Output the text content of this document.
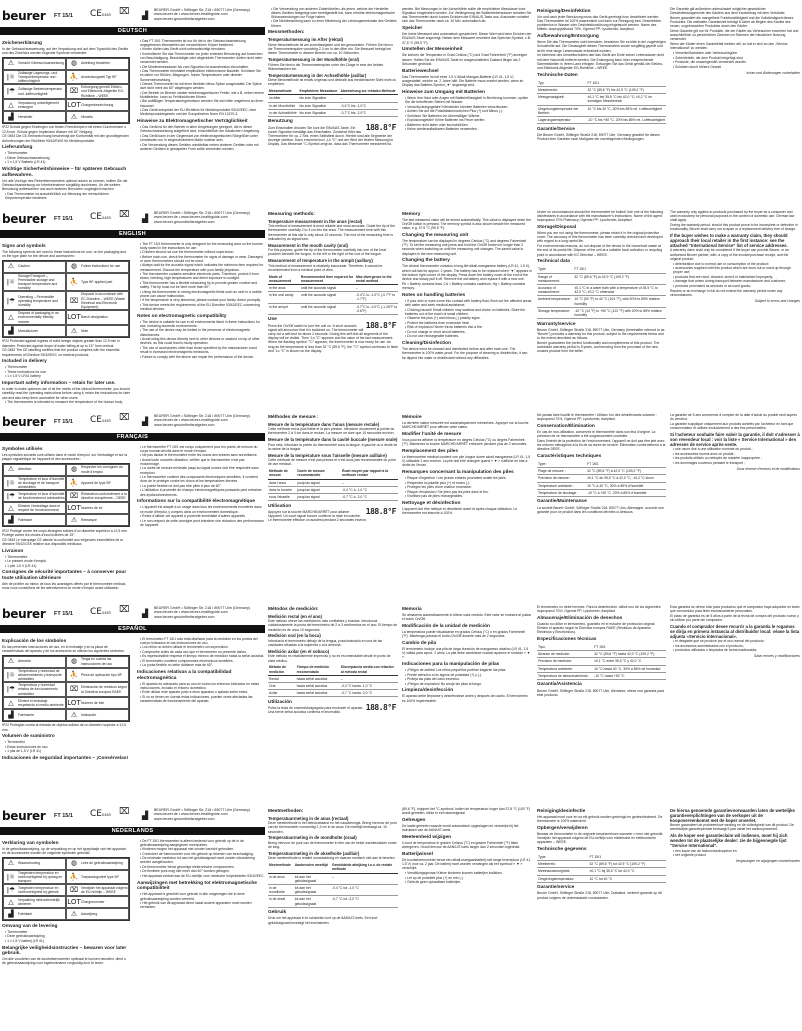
beurer FT 15/1 CE0483 ⌧ ▟
BEURER GmbH • Söflinger Str. 218 • 89077 Ulm (Germany)
www.beurer.de • www.beurer-healthguide.com
www.beurer-gesundheitsratgeber.com
DEUTSCH
Zeichenerklärung
In der Gebrauchsanweisung, auf der Verpackung und auf dem Typschild des Geräts und des Zubehörs werden folgende Symbole verwendet:
⚠	Vorsicht Gebrauchsanweisung	◍	Anleitung beachten
ǀ☼
Zulässige Lagerungs- und Transporttemperatur und -luftfeuchtigkeit
⛹ Anwendungsteil Typ BF
ǀ☂ Zulässige Betriebstemperatur und -luftfeuchtigkeit	⌧
Entsorgung gemäß Elektro- und Elektronik-Altgeräte EG-Richtlinie – WEEE
△	Verpackung umweltgerecht entsorgen	LOT Chargenbezeichnung
▟	Hersteller	⚠	Hinweis
IP22 Schutz gegen Eindringen von festen Fremdkörpern mit einem Durchmesser ≥ 12,5 mm. Schutz gegen tropfendes Wasser mit 15° Neigung.
CE 0483 Die CE-Kennzeichnung bescheinigt die Konformität mit den grundlegenden Anforderungen der Richtlinie 93/42/EWG für Medizinprodukte.
Lieferumfang
• Thermometer
• Diese Gebrauchsanweisung
• 1 x 1,5 V Batterie (LR 41)
Wichtige Sicherheitshinweise – für späteren Gebrauch aufbewahren.
Um alle Vorzüge des Fieberthermometers optimal nutzen zu können, sollten Sie die Gebrauchsanweisung vor Inbetriebnahme sorgfältig durchlesen, für die weitere Benutzung aufbewahren und auch anderen Benutzern zugänglich machen.
• Das Thermometer ist ausschließlich zur Messung der menschlichen Körpertemperatur bestimmt.
• Das FT 15/1 Thermometer ist nur für die in der Gebrauchsanweisung angegebenen Messstellen am menschlichen Körper bestimmt.
• Kinder dürfen das Gerät nicht unbeaufsichtigt benutzen.
• Kontrollieren Sie das Thermometer vor jeder erneuten Benutzung auf Anzeichen von Beschädigung. Beschädigte oder abgenutzte Thermometer dürfen nicht mehr verwendet werden.
• Die Mindestmessdauer bis zum Signalton ist ausnahmslos einzuhalten.
• Das Thermometer beinhaltet empfindliche elektronische Bauteile. Schützen Sie es daher vor Stößen, Biegungen, hohen Temperaturen oder direkter Sonneneinstrahlung.
• Dieses Thermometer ist mit einer flexiblen Mess-Spitze ausgestattet. Die Spitze darf nicht mehr als 60° abgebogen werden.
• Der Betrieb im Bereich starker elektromagnetischer Felder, wie z.B. neben einem Mobiltelefon, kann zu Fehlfunktionen führen.
• Bei auffälligen Temperaturergebnissen wenden Sie sich bitte umgehend an Ihren Hausarzt.
• Das Gerät entspricht der EU-Richtlinie für Medizinprodukte 93/42/EEC, dem Medizinproduktegesetz und der Europäischen Norm EN 12470-3.
Hinweise zu Elektromagnetischer Verträglichkeit
• Das Gerät ist für den Betrieb in allen Umgebungen geeignet, die in dieser Gebrauchsanweisung aufgeführt sind, einschließlich der häuslichen Umgebung.
• Das Gerät kann in der Gegenwart von elektromagnetischen Störgrößen unter Umständen nur in eingeschränktem Maße nutzbar sein.
• Die Verwendung dieses Gerätes unmittelbar neben anderen Geräten oder mit anderen Geräten in gestapelter Form sollte vermieden werden.
• Die Verwendung von anderen Zubehörteilen, als jenen, welche der Hersteller dieses Gerätes festgelegt oder bereitgestellt hat, kann erhöhte elektromagnetische Störaussendungen zur Folge haben.
• Die Nichtbeachtung kann zu einer Minderung der Leistungsmerkmale des Gerätes führen.
Messmethoden:
Temperaturmessung im After (rektal)
Diese Messmethode ist am zuverlässigsten und am genauesten. Führen Sie hierzu die Thermometerspitze vorsichtig 2-3 cm in den After ein. Die Messzeit beträgt bei dieser Thermometer in diesem Bereich nur ca. 10 Sekunden.
Temperaturmessung in der Mundhöhle (oral)
Führen Sie hierzu die Thermometerspitze unter der Zunge in eine der beiden Wärmetaschen ein.
Temperaturmessung in der Achselhöhle (axillar)
Diese Messmethode ist relativ ungenau und deshalb aus medizinischer Sicht nicht zu empfehlen.
Messmethode	Empfohlene Messdauer	Abweichung zur rektalen Methode
im After	bis zum Signalton	–
in der Mundhöhle	bis zum Signalton	-0,4°C bis -1,0°C
in der Achselhöhle	bis zum Signalton	-0,7°C bis -2,0°C
Benutzung
188.8°F
Zum Einschalten drücken Sie kurz die EIN/AUS-Taste. Ein kurzer Signalton bestätigt das Einschalten. Zunächst führt das Thermometer für ca. 2 Sek. einen Selbsttest durch. Hierbei sind alle Segmente der Anzeige sichtbar. Dann erscheint kurz „Lo °C“ und der Wert der letzten Messung im Display. Das blinkende °C-Symbol zeigt an, dass das Thermometer messbereit ist.
werden. Bei Messungen in der Achselhöhle sollte die empfohlene Messdauer trotz Signalton eingehalten werden. Zur Verlängerung der Batterielebensdauer schalten Sie das Thermometer durch kurzes Drücken der EIN/AUS-Taste aus. Ansonsten schaltet sich das Thermometer nach ca. 10 Min. automatisch ab.
Speicher
Der letzte Messwert wird automatisch gespeichert. Dieser Wert wird beim Drücken der EIN/AUS-Taste angezeigt. Neben dem Messwert erscheint das Speicher-Symbol, z.B. 37,5 °C (99,5 °F).
Umstellen der Messeinheit
Sie können die Temperatur in Grad Celsius (°C) und Grad Fahrenheit (°F) anzeigen lassen. Halten Sie die EIN/AUS-Taste im ausgeschalteten Zustand länger als 2 Sekunden gedrückt.
Batteriewechsel
Das Thermometer ist mit einer 1,5 V Alkali-Mangan-Batterie (LR 41, 1,5 V) ausgestattet, welche ca. 2 Jahre hält. Die Batterie muss ersetzt werden, wenn im Display das Batterie-Symbol „▼“ angezeigt wird.
Hinweise zum Umgang mit Batterien
• Wenn Ihre Haut oder Augen mit Batterieflüssigkeit in Berührung kommen, spülen Sie die betroffenen Stellen mit Wasser.
• Verschluckungsgefahr! Kleinkinder könnten Batterien verschlucken.
• Achten Sie auf die Polaritätskennzeichen Plus (+) und Minus (-).
• Schützen Sie Batterien vor übermäßiger Wärme.
• Explosionsgefahr! Keine Batterien ins Feuer werfen.
• Batterien nicht laden oder kurzschließen.
• Keine wiederaufladbaren Batterien verwenden.
Reinigung/Desinfektion
Vor und nach jeder Benutzung muss das Gerät gereinigt bzw. desinfiziert werden. Das Thermometer ist 100% wasserdicht und kann zur Reinigung bzw. Desinfektion problemlos in Wasser oder Desinfektionslösung eingetaucht werden. Name des Mittels: Isopropylalkohol 70%, Ogemst PP, Lysoformin, Aseptisol.
Aufbewahrung/Entsorgung
Wenn Sie das Thermometer nicht benutzen, bewahren Sie es bitte in der zugehörigen Schutzhülle auf. Die Genauigkeit dieses Thermometers wurde sorgfältig geprüft und ist für eine lange Lebensdauer entwickelt worden.
Im Interesse des Umweltschutzes darf das Gerät am Ende seiner Lebensdauer nicht mit dem Hausmüll entfernt werden. Die Entsorgung kann über entsprechende Sammelstellen in Ihrem Land erfolgen. Entsorgen Sie das Gerät gemäß der Elektro- und Elektronik Altgeräte EG-Richtlinie – WEEE.
Technische Daten
Typ:	FT 15/1
Messbereich:	32 °C (89,6 °F) bis 42,9 °C (109,2 °F)
Messgenauigkeit:	±0,1 °C bei 35,5 °C bis 42,0 °C; ±0,2 °C im sonstigen Messbereich
Umgebungstemperatur bei Betrieb:	10 °C bis 40 °C, 30% bis 85% rel. Luftfeuchtigkeit
Lagerungstemperatur:	-10 °C bis +50 °C, 20% bis 85% rel. Luftfeuchtigkeit
Garantie/Service
Die Beurer GmbH, Söflinger Straße 218, 89077 Ulm, Germany gewährt für dieses Produkt eine Garantie nach Maßgabe der nachfolgenden Bedingungen.
Die Garantie gilt außerdem unbeschadet möglicher gesetzlicher Gewährleistungsrechte des Käufers aus dem Kaufvertrag mit dem Verkäufer.
Beurer garantiert die mangelfreie Funktionsfähigkeit und die Vollständigkeit dieses Produktes. Die weltweite Garantiezeit beträgt 5 Jahre ab Beginn des Kaufes des neuen, ungebrauchten Produktes durch den Käufer.
Diese Garantie gilt nur für Produkte, die der Käufer als Verbraucher erworben hat und ausschließlich zu persönlichen Zwecken im Rahmen der häuslichen Nutzung verwendet.
Wenn der Käufer einen Garantiefall melden will, so hat er sich an den „Service International“ zu wenden.
• Verschleißschäden oder Verbrauchsgüter
• Zubehörteile, die dem Produkt beigefügt sind
• Produkte, die unsachgemäß verwendet wurden
• Schäden durch höhere Gewalt
Irrtum und Änderungen vorbehalten
beurer FT 15/1 CE0483 ⌧ ▟
BEURER GmbH • Söflinger Str. 218 • 89077 Ulm (Germany)
www.beurer.de • www.beurer-healthguide.com
www.beurer-gesundheitsratgeber.com
ENGLISH
Signs and symbols
The following symbols are used in these instructions for use, on the packaging and on the type plate for the device and accessories:
⚠	Caution	◍	Follow instructions for use
ǀ☼
Storage/Transport – Permissible storage and transport temperature and humidity
⛹ Type BF applied part
ǀ☂
Operating – Permissible operating temperature and humidity
⌧
Disposal in accordance with EC Directive – WEEE (Waste Electrical and Electronic Equipment)
△
Dispose of packaging in an environmentally friendly manner
LOT Batch designation
▟	Manufacturer	⚠	Note
IP22 Protected against ingress of solid foreign objects greater than 12.5 mm in diameter. Protected against drops of water falling at up to 15° from vertical.
CE 0483 The CE labelling certifies that the product complies with the essential requirements of Directive 93/42/EEC on medical products.
Included in delivery
• Thermometer
• These instructions for use
• 1 x 1.5 V LR41 battery
Important safety information – retain for later use.
In order to make optimum use of all the merits of the clinical thermometer, you should carefully read the operating instructions before using it, retain the instructions for later use and also keep them accessible for other users.
• The thermometer is intended to measure the temperature of the human body.
• The FT 15/1 thermometer is only designed for the measuring area on the human body stated in the instructions for use.
• Children should not use the thermometer without supervision.
• Before each use, check the thermometer for signs of damage or wear. Damaged or worn thermometers should not be used.
• Always wait for the acoustic signal which indicates the minimum time required for measurement. Discuss the temperature with your family physician.
• The thermometer contains sensitive electronic parts. Therefore, protect it from blows, bending, high temperatures and direct exposure to sunlight.
• This thermometer has a flexible measuring tip to provide greater comfort and safety. The tip must not be bent more than 60°.
• Using the thermometer in strong electromagnetic fields such as next to a mobile phone can cause malfunction.
• If the temperature is very abnormal, please contact your family doctor promptly.
• This device meets the requirements of the EU Directive 93/42/EEC concerning medical devices.
Notes on electromagnetic compatibility
• The device is suitable for use in all environments listed in these instructions for use, including domestic environments.
• The use of the device may be limited in the presence of electromagnetic disturbances.
• Avoid using this device directly next to other devices or stacked on top of other devices, as this could lead to faulty operation.
• The use of accessories other than those specified by the manufacturer could result in increased electromagnetic emissions.
• Failure to comply with the above can impair the performance of the device.
Measuring methods:
Temperature measurement in the anus (rectal)
This method of measurement is most reliable and most accurate. Guide the tip of the thermometer carefully 2 to 3 cm into the anus. The measurement time with this thermometer at this site is only about 10 seconds. The end of the measuring time is indicated by an signal tone.
Measurement in the mouth cavity (oral)
For this purpose, guide the tip of the thermometer carefully into one of the heat pouches beneath the tongue, to the left or the right of the root of the tongue.
Measurement of temperature in the armpit (axillary)
This method of measurement is relatively inaccurate. Therefore, it cannot be recommended from a medical point of view.
Mode of measurement	Recommended time required for measurement	Max divergence to the rectal method
in the anus	until the acoustic signal	–
in the oral cavity	until the acoustic signal	-0.4°C to -1.0°C (-0.7°F to -1.7°F)
in the armpit	until the acoustic signal	-0.7°C to -2.0°C (-1.26°F to -3.6°F)
Use
188.8°F
Press the On/Off switch to turn the unit on. A short acoustic signal will announce that it is switched on. The thermometer will carry out a self-test for about 2 seconds. During this self-test all segments of the display will be visible. Then “Lo °C” appears and the value of the last measurement. When the flashing symbol “°C” appears, the thermometer is now ready for use. As long as the temperature is less than 32 °C (89.6 °F), the “°C” symbol continues to flash and “Lo °C” is shown on the display.
Memory
The last measured value will be stored automatically. This value is displayed when the On/Off button is pressed. The memory symbol is also shown beside the measured value, e.g. 37.5 °C (99.5 °F).
Changing the measuring unit
The temperature can be displayed in degrees Celsius (°C) and degrees Fahrenheit (°F). To set the measuring unit press and hold the On/Off button for longer than 2 seconds when switching on until the measuring unit changes. The saved value is displayed in the new measuring unit.
Changing the battery
The clinical thermometer contains a long-life alkali-manganese battery (LR 41, 1.5 V), which will last for approx. 2 years. The battery has to be replaced when “▼” appears in the bottom right corner of the display. Press down the battery cover at the end of the device and slowly pull it off. Remove the old battery and replace it with a new one.
Pb = Battery contains lead, Cd = Battery contains cadmium, Hg = Battery contains mercury.
Notes on handling batteries
• If your skin or eyes come into contact with battery fluid, flush out the affected areas with water and seek medical assistance.
• Choking hazard! Small children may swallow and choke on batteries. Store the batteries out of the reach of small children.
• Observe the plus (+) and minus (-) polarity signs.
• Protect the batteries from excessive heat.
• Risk of explosion! Never throw batteries into a fire.
• Do not charge or short circuit batteries.
• Do not use rechargeable batteries.
Cleaning/Disinfection
The device must be cleaned and disinfected before and after each use. The thermometer is 100% water-proof. For the purpose of cleaning or disinfection, it can be dipped into water or disinfectant without any difficulties.
Under no circumstances should the thermometer be boiled! Use one of the following disinfectants in accordance with the manufacturer's instructions. Name of the agent: Isopropanol 70% Pharmacy; Ogemst PP; Lysoformin; Aseptisol.
Storage/Disposal
When you are not using the thermometer, please retain it in the original protective cover. The accuracy of this thermometer has been carefully checked and developed with regard to a long useful life.
For environmental reasons, do not dispose of the device in the household waste at the end of its useful life. Dispose of the unit at a suitable local collection or recycling point in accordance with EC Directive – WEEE.
Technical data
Type:	FT 15/1
Range of measurement:	32 °C (89.6 °F) to 42.9 °C (109.2 °F)
Accuracy of measurement:	±0.1 °C in a water bath with a temperature of 35.5 °C to 42.0 °C; ±0.2 °C otherwise
Ambient temperature:	10 °C (50 °F) to 40 °C (104 °F), with 30% to 85% relative humidity
Storage temperature:	-10 °C (14 °F) to +50 °C (122 °F) with 20% to 85% relative humidity
Warranty/service
Beurer GmbH, Söflinger Straße 218, 89077 Ulm, Germany (hereinafter referred to as “Beurer”) provides a warranty for this product, subject to the requirements below and to the extent described as follows.
Beurer guarantees the perfect functionality and completeness of this product. The worldwide warranty period is 5 years, commencing from the purchase of the new, unused product from the seller.
The warranty only applies to products purchased by the buyer as a consumer and used exclusively for personal purposes in the context of domestic use. German law shall apply.
During the warranty period, should this product prove to be incomplete or defective in functionality, Beurer shall carry out a repair or a replacement delivery free of charge.
If the buyer wishes to make a warranty claim, they should approach their local retailer in the first instance: see the attached “International Service” list of service addresses.
A warranty claim shall only be considered if the buyer can provide Beurer, or an authorised Beurer partner, with: a copy of the invoice/purchase receipt, and the original product.
• deterioration due to normal use or consumption of the product;
• accessories supplied with this product which are worn out or used up through proper use;
• products that are used, cleaned, stored or maintained improperly;
• damage that arises during transport between manufacturer and customer;
• products purchased as seconds or as used goods;
Repairs or an exchange in full do not extend the warranty period under any circumstances.
Subject to errors and changes
beurer FT 15/1 CE0483 ⌧ ▟
BEURER GmbH • Söflinger Str. 218 • 89077 Ulm (Germany)
www.beurer.de • www.beurer-healthguide.com
www.beurer-gesundheitsratgeber.com
FRANÇAIS
Symboles utilisés
Les symboles suivants sont utilisés dans le mode d'emploi, sur l'emballage et sur la plaque signalétique de l'appareil et des accessoires :
⚠	Attention	◍	Respecter les consignes du mode d'emploi
ǀ☼
Température et taux d'humidité de stockage et de transport admissibles
⛹ Appareil de type BF
ǀ☂ Température et taux d'humidité de fonctionnement admissibles ⌧ Élimination conformément à la directive européenne – DEEE
△	Éliminer l'emballage dans le respect de l'environnement	LOT Numéro de lot
▟	Fabricant	⚠	Remarque
IP22 Protégé contre les corps étrangers solides d'un diamètre supérieur à 12,5 mm. Protégé contre les chutes d'eau inclinées de 15°.
CE 0483 Le marquage CE atteste la conformité aux exigences essentielles de la directive 93/42/CEE relative aux dispositifs médicaux.
Livraison
• Thermomètre
• Le présent mode d'emploi
• 1 pile 1,5 V (LR 41)
Consignes de sécurité importantes – à conserver pour toute utilisation ultérieure
Afin de profiter au mieux de tous les avantages offerts par le thermomètre médical, nous vous conseillons de lire attentivement ce mode d'emploi avant utilisation.
• Le thermomètre FT 15/1 est conçu uniquement pour les points de mesure du corps humain décrits dans le mode d'emploi.
• Ne pas laisser le thermomètre entre les mains des enfants sans surveillance.
• Avant toute nouvelle utilisation, vérifier que le thermomètre n'est pas endommagé.
• La durée de mesure minimale jusqu'au signal sonore doit être respectée sans exception.
• Le thermomètre contient des composants électroniques sensibles. Il convient donc de le protéger contre les chocs et les températures élevées.
• La pointe flexible ne doit pas être pliée à plus de 60°.
• L'utilisation à proximité de champs électromagnétiques puissants peut entraîner des dysfonctionnements.
Informations sur la compatibilité électromagnétique
• L'appareil est adapté à un usage dans tous les environnements énumérés dans ce mode d'emploi, y compris dans un environnement domestique.
• Évitez d'utiliser cet appareil à proximité immédiate d'autres appareils.
• Le non-respect de cette consigne peut entraîner une réduction des performances de l'appareil.
Méthodes de mesure :
Mesure de la température dans l'anus (mesure rectale)
Cette méthode est la plus fiable et la plus précise. Introduire doucement la pointe du thermomètre 2 à 3 cm dans le rectum. La mesure ne dure que 10 secondes environ.
Mesure de la température dans la cavité buccale (mesure orale)
Pour cela, introduire la pointe du thermomètre sous la langue, à gauche ou à droite de la racine de la langue.
Mesure de la température sous l'aisselle (mesure axillaire)
Cette méthode de mesure n'est pas précise et n'est donc pas recommandée du point de vue médical.
Méthode de mesure	Durée de mesure recommandée	Écart moyen par rapport à la méthode rectale
dans l'anus	jusqu'au signal	–
dans la bouche	jusqu'au signal	-0,4 °C à -1,0 °C
sous l'aisselle	jusqu'au signal	-0,7 °C à -2,0 °C
Utilisation
188.8°F
Appuyez sur la touche MARCHE/ARRÊT pour allumer l'appareil. Un court signal sonore confirme la mise en marche. Le thermomètre effectue un autotest pendant 2 secondes environ.
Mémoire
La dernière valeur mesurée est automatiquement mémorisée. Appuyer sur la touche MARCHE/ARRÊT pour afficher cette valeur.
Modifier l'unité de mesure
Vous pouvez afficher la température en degrés Celsius (°C) ou degrés Fahrenheit (°F). Maintenez la touche MARCHE/ARRÊT enfoncée pendant plus de 2 secondes.
Remplacement des piles
Le thermomètre médical contient une pile longue durée alcali-manganèse (LR 41, 1,5 V) utilisable 2 ans environ. La pile doit être changée quand « ▼ » s'affiche en bas à droite de l'écran.
Remarques concernant la manipulation des piles
• Risque d'ingestion ! Les jeunes enfants pourraient avaler les piles.
• Respectez la polarité plus (+) et moins (-).
• Protégez les piles d'une chaleur excessive.
• Risque d'explosion ! Ne jetez pas les piles dans le feu.
• N'utilisez pas de piles rechargeables.
Nettoyage et désinfection
L'appareil doit être nettoyé et désinfecté avant et après chaque utilisation. Le thermomètre est étanche à 100%.
Ne jamais faire bouillir le thermomètre ! Utilisez l'un des désinfectants suivants : isopropanol 70%, Ogemst PP, Lysoformin, Aseptisol.
Conservation/Élimination
En cas de non-utilisation, conservez le thermomètre dans son étui d'origine. La précision de ce thermomètre a été soigneusement contrôlée.
Dans l'intérêt de la protection de l'environnement, l'appareil ne doit pas être jeté avec les ordures ménagères à la fin de sa durée de service. Élimination conformément à la directive DEEE.
Caractéristiques techniques
Type :	FT 15/1
Plage de mesure :	32 °C (89,6 °F) à 42,9 °C (109,2 °F)
Précision de mesure :	±0,1 °C de 35,5 °C à 42,0 °C ; ±0,2 °C sinon
Température ambiante :	10 °C à 40 °C, 30% à 85% d'humidité
Température de stockage :	-10 °C à +50 °C, 20% à 85% d'humidité
Garantie/Maintenance
La société Beurer GmbH, Söflinger Straße 218, 89077 Ulm, Allemagne, accorde une garantie pour ce produit dans les conditions décrites ci-dessous.
La garantie de 5 ans commence à compter de la date d'achat du produit neuf auprès du vendeur.
La garantie s'applique uniquement aux produits achetés par l'acheteur en tant que consommateur et utilisés exclusivement à des fins personnelles.
Si l'acheteur souhaite faire valoir la garantie, il doit s'adresser à son revendeur local : voir la liste « Service International » des adresses de service après-vente.
• une usure due à une utilisation normale du produit ;
• les accessoires fournis avec ce produit ;
• les produits utilisés ou nettoyés de manière inappropriée ;
• les dommages survenus pendant le transport ;
Sous réserve d'erreurs et de modifications
beurer FT 15/1 CE0483 ⌧ ▟
BEURER GmbH • Söflinger Str. 218 • 89077 Ulm (Germany)
www.beurer.de • www.beurer-healthguide.com
www.beurer-gesundheitsratgeber.com
ESPAÑOL
Explicación de los símbolos
En las presentes instrucciones de uso, en el embalaje y en la placa de características del aparato y de los accesorios se utilizan los siguientes símbolos:
⚠	Atención	◍	Tenga en cuenta las instrucciones de uso
ǀ☼
Temperatura y humedad de almacenamiento y transporte admisibles
⛹ Pieza de aplicación tipo BF
ǀ☂
Temperatura y humedad relativa de funcionamiento admisibles
⌧ Eliminación de residuos según la Directiva europea RAEE
△	Elimine el embalaje respetando el medio ambiente LOT Número de lote
▟	Fabricante	⚠	Indicación
IP22 Protegido contra la entrada de objetos sólidos de un diámetro superior a 12,5 mm.
Volumen de suministro
• Termómetro
• Estas instrucciones de uso
• 1 pila de 1,5 V (LR 41)
Indicaciones de seguridad importantes – ¡Consérvelas!
• El termómetro FT 15/1 solo está diseñado para la medición en los puntos del cuerpo indicados en las instrucciones de uso.
• Los niños no deben utilizar el termómetro sin supervisión.
• Compruebe antes de cada uso que el termómetro no presente daños.
• Es imprescindible respetar el tiempo mínimo de medición hasta la señal acústica.
• El termómetro contiene componentes electrónicos sensibles.
• La punta flexible no debe doblarse más de 60°.
Indicaciones relativas a la compatibilidad electromagnética
• El aparato es adecuado para su uso en todos los entornos indicados en estas instrucciones, incluido el entorno doméstico.
• Evite utilizar este aparato junto a otros aparatos o apilado sobre estos.
• Si no se tienen en cuenta estas indicaciones, pueden verse afectadas las características de funcionamiento del aparato.
Métodos de medición:
Medición rectal (en el ano)
Este método ofrece las mediciones más confiables y exactas. Introduzca cuidadosamente la punta del termómetro de 2 a 3 centímetros en el ano. El tiempo de medición es de unos 10 segundos.
Medición oral (en la boca)
Introduzca el termómetro debajo de la lengua, posicionándolo en una de las cavidades situadas a la izquierda o a la derecha.
Medición axilar (en el sobaco)
Este método es relativamente impreciso y no es recomendable desde el punto de vista médico.
Método de medición	Tiempo de medición recomendado	Discrepancia media con relación al método rectal
Rectal	hasta señal acústica	–
Oral	hasta señal acústica	-0,4 °C hasta -1,0 °C
Axilar	hasta señal acústica	-0,7 °C hasta -2,0 °C
Utilización
188.8°F
Pulse la tecla de encendido/apagado para encender el aparato. Una breve señal acústica confirma el encendido.
Memoria
Se almacena automáticamente el último valor medido. Este valor se muestra al pulsar el botón On/Off.
Modificación de la unidad de medición
La temperatura puede visualizarse en grados Celsius (°C) o en grados Fahrenheit (°F). Mantenga pulsado el botón On/Off durante más de 2 segundos.
Cambio de pila
El termómetro incluye una pila de larga duración de manganeso alcalino (LR 41, 1,5 V) válida para aprox. 2 años. La pila debe cambiarse cuando aparece el símbolo « ▼ ».
Indicaciones para la manipulación de pilas
• ¡Peligro de asfixia! Los niños pequeños podrían tragarse las pilas.
• Preste atención a los signos de polaridad (+) y (-).
• Proteja las pilas del calor excesivo.
• ¡Peligro de explosión! No arroje las pilas al fuego.
Limpieza/desinfección
El aparato debe limpiarse y desinfectarse antes y después de usarlo. El termómetro es 100% impermeable.
El termómetro no debe hervirse. Para la desinfección, utilice uno de los siguientes: Isopropanol 70%, Ogemst PP, Lysoformin, Aseptisol.
Almacenaje/Eliminación de desechos
Cuando no utilice el termómetro, guárdelo en el estuche de protección original. Elimine el aparato según la Directiva europea RAEE (Residuos de Aparatos Eléctricos y Electrónicos).
Especificaciones técnicas
Tipo:	FT 15/1
Alcance de medición:	32 °C (89,6 °F) hasta 42,9 °C (109,2 °F)
Precisión de medición:	±0,1 °C entre 35,5 °C y 42,0 °C
Temperatura ambiente:	10 °C hasta 40 °C, 30% a 85% de humedad
Temperatura de almacenamiento:	-10 °C hasta +50 °C
Garantía/Asistencia
Beurer GmbH, Söflinger Straße 218, 89077 Ulm, Alemania, ofrece una garantía para este producto.
Esta garantía se ofrece sólo para productos que el comprador haya adquirido en tanto que consumidor para fines exclusivamente personales.
El plazo de garantía es de 5 años a partir de la fecha de compra del producto nuevo y sin utilizar por parte del comprador.
Cuando el comprador desee recurrir a la garantía le rogamos se dirija en primera instancia al distribuidor local: véase la lista adjunta «Servicio internacional».
• el desgaste que se produce por el uso normal del producto;
• los accesorios suministrados con el producto;
• productos utilizados o limpiados de forma inadecuada;
Salvo errores y modificaciones
beurer FT 15/1 CE0483 ⌧ ▟
BEURER GmbH • Söflinger Str. 218 • 89077 Ulm (Germany)
www.beurer.de • www.beurer-healthguide.com
www.beurer-gesundheitsratgeber.com
NEDERLANDS
Verklaring van symbolen
In de gebruiksaanwijzing, op de verpakking en op het typeplaatje van het apparaat en de accessoires worden de volgende symbolen gebruikt:
⚠	Waarschuwing	◍	Lees de gebruiksaanwijzing
ǀ☼
Toegelaten temperatuur en luchtvochtigheid bij opslag en transport
⛹ Toepassingsdeel type BF
ǀ☂ Toegelaten temperatuur en luchtvochtigheid bij gebruik	⌧ Verwijder het apparaat volgens de EU-richtlijn – WEEE
△	Verpakking milieuvriendelijk afvoeren	LOT Chargenummer
▟	Fabrikant	⚠	Aanwijzing
Omvang van de levering
• Thermometer
• Deze gebruiksaanwijzing
• 1 x 1,5 V batterij (LR 41)
Belangrijke veiligheidsinstructies – bewaren voor later gebruik.
Om alle voordelen van de koortsthermometer optimaal te kunnen benutten, dient u de gebruiksaanwijzing voor ingebruikname zorgvuldig door te lezen.
• De FT 15/1 thermometer is alleen bestemd voor gebruik op de in de gebruiksaanwijzing aangegeven meetpunten.
• Kinderen mogen het apparaat niet zonder toezicht gebruiken.
• Controleer de thermometer voor elk gebruik op tekenen van beschadiging.
• De minimale meetduur tot aan het geluidssignaal moet zonder uitzondering worden aangehouden.
• De thermometer bevat gevoelige elektronische componenten.
• De flexibele punt mag niet meer dan 60° worden gebogen.
• Het apparaat voldoet aan de EU-richtlijn voor medische hulpmiddelen 93/42/EEC.
Aanwijzingen met betrekking tot elektromagnetische compatibiliteit
• Het apparaat is geschikt voor gebruik in alle omgevingen die in deze gebruiksaanwijzing worden vermeld.
• Het gebruik van dit apparaat direct naast andere apparaten moet worden vermeden.
Meetmethoden:
Temperatuurmeting in de anus (rectaal)
Deze meetmethode is het betrouwbaarst en het nauwkeurigst. Breng hiervoor de punt van de thermometer voorzichtig 2-3 cm in de anus. De meettijd bedraagt ca. 10 seconden.
Temperatuurmeting in de mondholte (oraal)
Breng hiervoor de punt van de thermometer in één van de beide warmtezakken onder de tong.
Temperatuurmeting in de okselholte (axillair)
Deze meetmethode is relatief onnauwkeurig en daarom medisch niet aan te bevelen.
Meetmethode	Aanbevolen meettijd	Gemiddelde afwijking t.o.v. de rectale methode
in de anus	tot aan het geluidssignaal	–
in de mondholte	tot aan het geluidssignaal	-0,4 °C tot -1,0 °C
in de oksel	tot aan het geluidssignaal	-0,7 °C tot -2,0 °C
Gebruik
Druk om het apparaat in te schakelen kort op de AAN/UIT-toets. Een kort geluidssignaal bevestigt het inschakelen.
(89,6 °F), knippert het °C-symbool. Indien de temperatuur hoger dan 37,8 °C (100 °F) wordt gemeten, klinkt er een alarmsignaal.
Geheugen
De laatst gemeten waarde wordt automatisch opgeslagen en verschijnt bij het indrukken van de AAN/UIT-toets.
Meeteenheid wijzigen
U kunt de temperatuur in graden Celsius (°C) en graden Fahrenheit (°F) laten weergeven. Houd hiervoor de AAN/UIT-toets langer dan 2 seconden ingedrukt.
Batterijwissel
De koortsthermometer bevat een alkali-mangaanbatterij met lange levensduur (LR 41, 1,5 V) voor ca. 2 jaar. De batterij moet worden vervangen als het symbool « ▼ » verschijnt.
• Verstikkingsgevaar! Kleine kinderen kunnen batterijen inslikken.
• Let op de polariteit plus (+) en min (-).
• Gebruik geen oplaadbare batterijen.
Reiniging/desinfectie
Het apparaat moet voor en na elk gebruik worden gereinigd en gedesinfecteerd. De thermometer is 100% waterdicht.
Opbergen/verwijderen
Bewaar de thermometer in de originele beschermhoes wanneer u hem niet gebruikt. Verwijder het apparaat volgens de EU-richtlijn voor elektrische en elektronische apparaten – WEEE.
Technische gegevens
Type:	FT 15/1
Meetbereik:	32 °C (89,6 °F) tot 42,9 °C (109,2 °F)
Meetnauwkeurigheid:	±0,1 °C bij 35,5 °C tot 42,0 °C
Omgevingstemperatuur:	10 °C tot 40 °C
Garantie/service
Beurer GmbH, Söflinger Straße 218, 89077 Ulm, Duitsland, verleent garantie op dit product volgens de onderstaande voorwaarden.
De hierna genoemde garantievoorwaarden laten de wettelijke garantieverplichtingen van de verkoper uit de koopovereenkomst met de koper onverlet.
Beurer garandeert de probleemloze werking en de volledigheid van dit product. De wereldwijde garantieperiode bedraagt 5 jaar vanaf het aankoopmoment.
Als de koper een garantieclaim wil indienen, moet hij zich wenden tot de plaatselijke dealer: zie de bijgevoegde lijst "Service International".
• een kopie van de factuur/aankoopbon en
• het originele product
Vergissingen en wijzigingen voorbehouden
